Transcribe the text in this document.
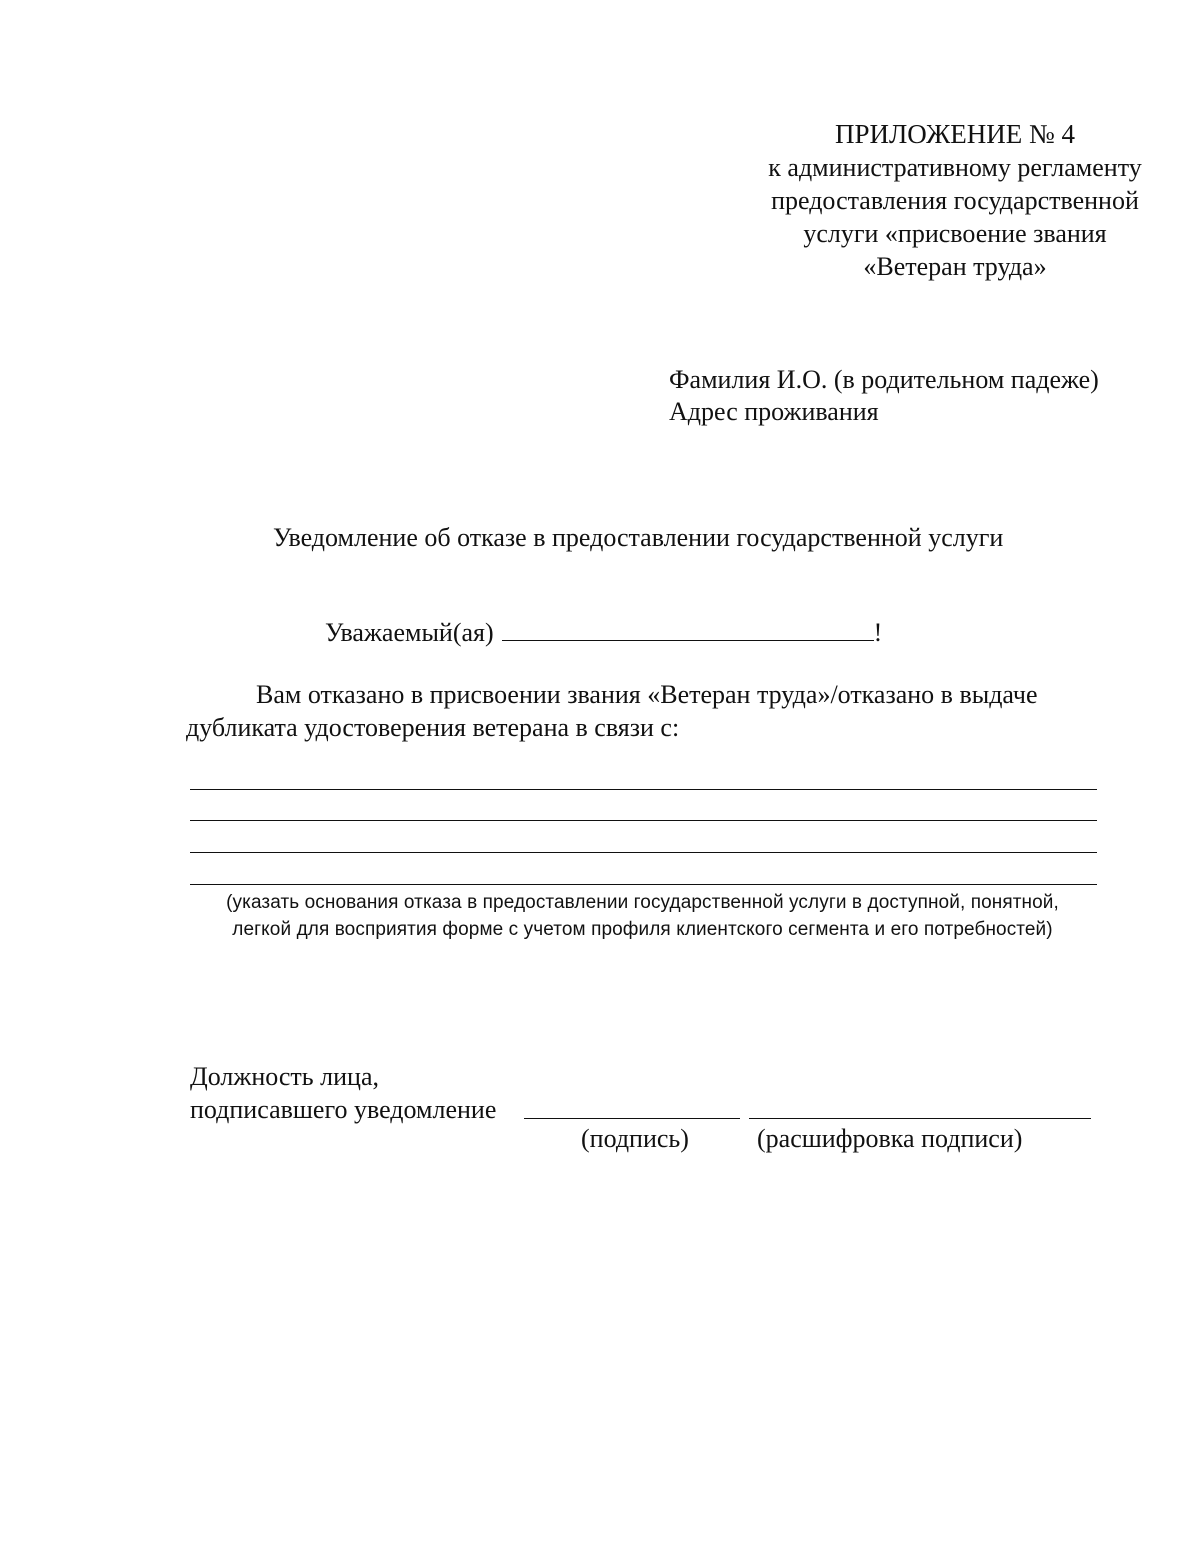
ПРИЛОЖЕНИЕ № 4
к административному регламенту
предоставления государственной
услуги «присвоение звания
«Ветеран труда»
Фамилия И.О. (в родительном падеже)
Адрес проживания
Уведомление об отказе в предоставлении государственной услуги
Уважаемый(ая)	!
Вам отказано в присвоении звания «Ветеран труда»/отказано в выдаче
дубликата удостоверения ветерана в связи с:
(указать основания отказа в предоставлении государственной услуги в доступной, понятной,
легкой для восприятия форме с учетом профиля клиентского сегмента и его потребностей)
Должность лица,
подписавшего уведомление
(подпись)	(расшифровка подписи)
